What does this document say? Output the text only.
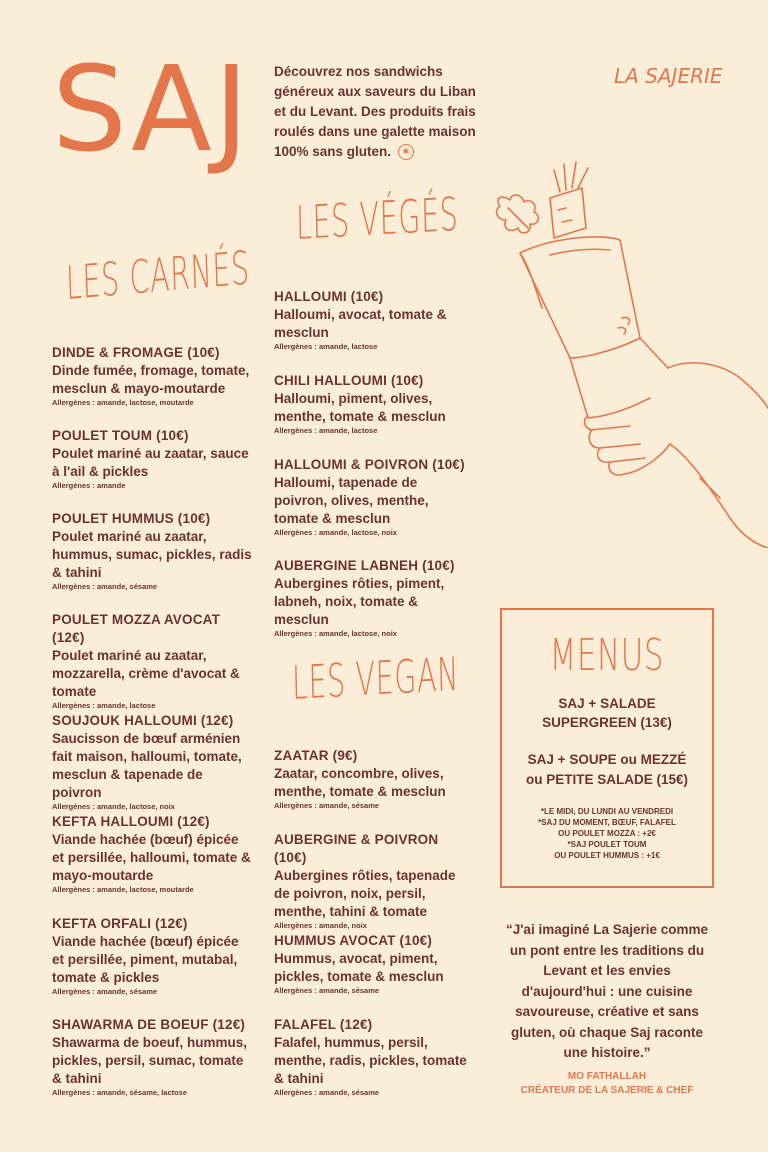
SAJ Découvrez nos sandwichs généreux aux saveurs du Liban et du Levant. Des produits frais roulés dans une galette maison 100% sans gluten. ✱
LA SAJERIE
LES CARNÉS
LES VÉGÉS
LES VEGAN
DINDE & FROMAGE (10€)
Dinde fumée, fromage, tomate, mesclun & mayo-moutarde
Allergènes : amande, lactose, moutarde
POULET TOUM (10€)
Poulet mariné au zaatar, sauce à l'ail & pickles
Allergènes : amande
POULET HUMMUS (10€)
Poulet mariné au zaatar, hummus, sumac, pickles, radis & tahini
Allergènes : amande, sésame
POULET MOZZA AVOCAT (12€)
Poulet mariné au zaatar, mozzarella, crème d'avocat & tomate
Allergènes : amande, lactose
SOUJOUK HALLOUMI (12€)
Saucisson de bœuf arménien fait maison, halloumi, tomate, mesclun & tapenade de poivron
Allergènes : amande, lactose, noix
KEFTA HALLOUMI (12€)
Viande hachée (bœuf) épicée et persillée, halloumi, tomate & mayo-moutarde
Allergènes : amande, lactose, moutarde
KEFTA ORFALI (12€)
Viande hachée (bœuf) épicée et persillée, piment, mutabal, tomate & pickles
Allergènes : amande, sésame
SHAWARMA DE BOEUF (12€)
Shawarma de boeuf, hummus, pickles, persil, sumac, tomate & tahini
Allergènes : amande, sésame, lactose
HALLOUMI (10€)
Halloumi, avocat, tomate & mesclun
Allergènes : amande, lactose
CHILI HALLOUMI (10€)
Halloumi, piment, olives, menthe, tomate & mesclun
Allergènes : amande, lactose
HALLOUMI & POIVRON (10€)
Halloumi, tapenade de poivron, olives, menthe, tomate & mesclun
Allergènes : amande, lactose, noix
AUBERGINE LABNEH (10€)
Aubergines rôties, piment, labneh, noix, tomate & mesclun
Allergènes : amande, lactose, noix
ZAATAR (9€)
Zaatar, concombre, olives, menthe, tomate & mesclun
Allergènes : amande, sésame
AUBERGINE & POIVRON (10€)
Aubergines rôties, tapenade de poivron, noix, persil, menthe, tahini & tomate
Allergènes : amande, noix
HUMMUS AVOCAT (10€)
Hummus, avocat, piment, pickles, tomate & mesclun
Allergènes : amande, sésame
FALAFEL (12€)
Falafel, hummus, persil, menthe, radis, pickles, tomate & tahini
Allergènes : amande, sésame
MENUS
SAJ + SALADE
SUPERGREEN (13€)
SAJ + SOUPE ou MEZZÉ
ou PETITE SALADE (15€)
*LE MIDI, DU LUNDI AU VENDREDI
*SAJ DU MOMENT, BŒUF, FALAFEL
OU POULET MOZZA : +2€
*SAJ POULET TOUM
OU POULET HUMMUS : +1€
“J'ai imaginé La Sajerie comme un pont entre les traditions du Levant et les envies d'aujourd'hui : une cuisine savoureuse, créative et sans gluten, où chaque Saj raconte une histoire.”
MO FATHALLAH
CRÉATEUR DE LA SAJERIE & CHEF
